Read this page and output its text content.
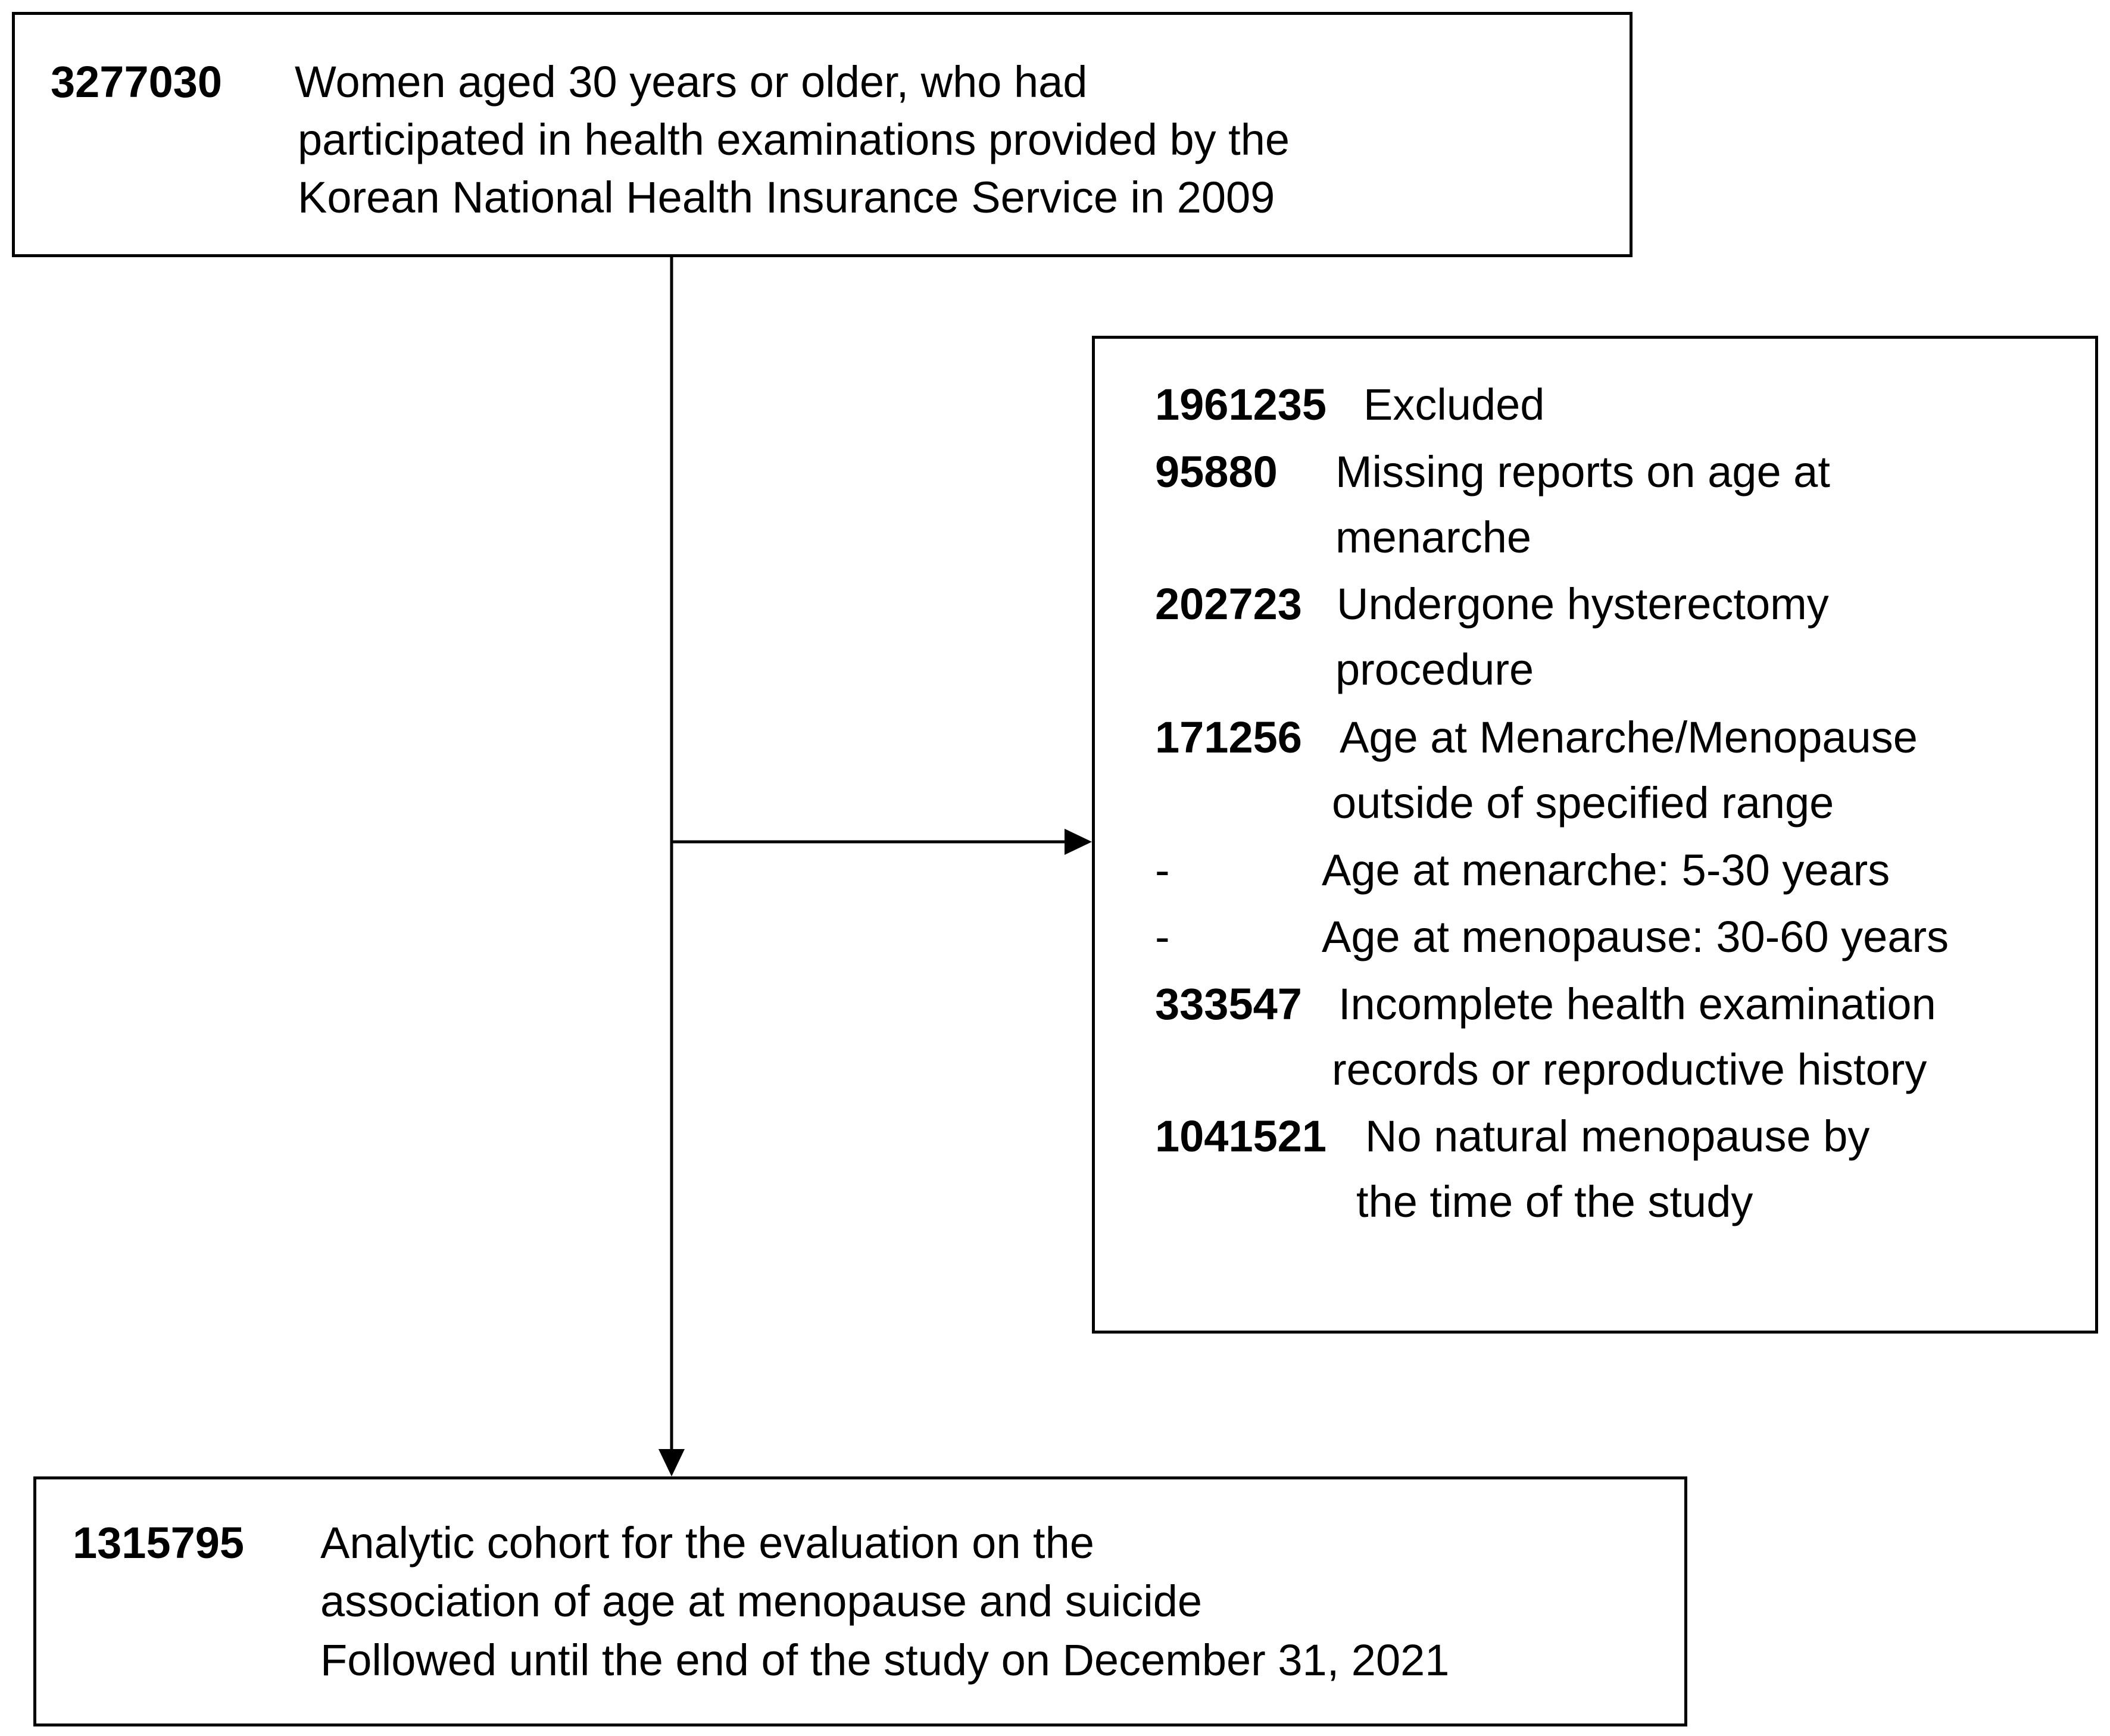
3277030 Women aged 30 years or older, who had
participated in health examinations provided by the
Korean National Health Insurance Service in 2009
1961235 Excluded
95880 Missing reports on age at
menarche
202723 Undergone hysterectomy
procedure
171256 Age at Menarche/Menopause
outside of specified range
-	Age at menarche: 5-30 years
-	Age at menopause: 30-60 years
333547 Incomplete health examination
records or reproductive history
1041521 No natural menopause by
the time of the study
1315795 Analytic cohort for the evaluation on the
association of age at menopause and suicide
Followed until the end of the study on December 31, 2021
